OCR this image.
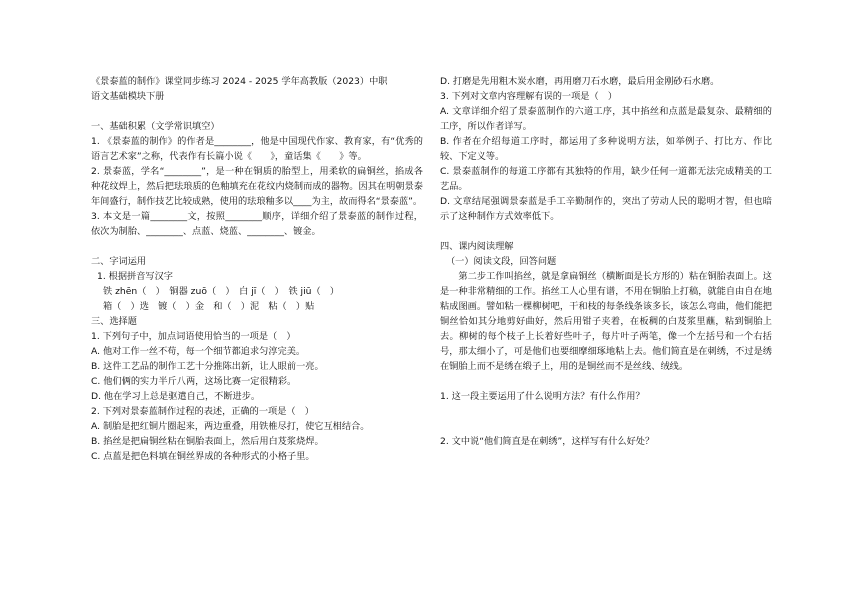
《景泰蓝的制作》课堂同步练习 2024 - 2025 学年高教版（2023）中职

语文基础模块下册

一、基础积累（文学常识填空）

1. 《景泰蓝的制作》的作者是________，他是中国现代作家、教育家，有“优秀的语言艺术家”之称，代表作有长篇小说《　　》，童话集《　　》等。

2. 景泰蓝，学名“________”，是一种在铜质的胎型上，用柔软的扁铜丝，掐成各种花纹焊上，然后把珐琅质的色釉填充在花纹内烧制而成的器物。因其在明朝景泰年间盛行，制作技艺比较成熟，使用的珐琅釉多以____为主，故而得名“景泰蓝”。

3. 本文是一篇________文，按照________顺序，详细介绍了景泰蓝的制作过程，依次为制胎、________、点蓝、烧蓝、________、镀金。

二、字词运用

1. 根据拼音写汉字

铁 zhēn（　）　铜器 zuō（　）　白 jī（　）　铁 jiū（　）

箱（　）选　镀（　）金　和（　）泥　粘（　）贴

三、选择题

1. 下列句子中，加点词语使用恰当的一项是（　）

A. 他对工作一丝不苟，每一个细节都追求匀淳完美。

B. 这件工艺品的制作工艺十分推陈出新，让人眼前一亮。

C. 他们俩的实力半斤八两，这场比赛一定很精彩。

D. 他在学习上总是驱遣自己，不断进步。

2. 下列对景泰蓝制作过程的表述，正确的一项是（　）

A. 制胎是把红铜片圈起来，两边重叠，用铁椎尽打，使它互相结合。

B. 掐丝是把扁铜丝粘在铜胎表面上，然后用白芨浆烧焊。

C. 点蓝是把色料填在铜丝界成的各种形式的小格子里。

D. 打磨是先用粗木炭水磨，再用磨刀石水磨，最后用金刚砂石水磨。

3. 下列对文章内容理解有误的一项是（　）

A. 文章详细介绍了景泰蓝制作的六道工序，其中掐丝和点蓝是最复杂、最精细的工序，所以作者详写。

B. 作者在介绍每道工序时，都运用了多种说明方法，如举例子、打比方、作比较、下定义等。

C. 景泰蓝制作的每道工序都有其独特的作用，缺少任何一道都无法完成精美的工艺品。

D. 文章结尾强调景泰蓝是手工辛勤制作的，突出了劳动人民的聪明才智，但也暗示了这种制作方式效率低下。

四、课内阅读理解

（一）阅读文段，回答问题

第二步工作叫掐丝，就是拿扁铜丝（横断面是长方形的）粘在铜胎表面上。这是一种非常精细的工作。掐丝工人心里有谱，不用在铜胎上打稿，就能自由自在地粘成图画。譬如粘一棵柳树吧，干和枝的每条线条该多长，该怎么弯曲，他们能把铜丝恰如其分地剪好曲好，然后用钳子夹着，在板稠的白芨浆里蘸，粘到铜胎上去。柳树的每个枝子上长着好些叶子，每片叶子两笔，像一个左括号和一个右括号，那太细小了，可是他们也要细摩细琢地粘上去。他们简直是在刺绣，不过是绣在铜胎上而不是绣在缎子上，用的是铜丝而不是丝线、绒线。

1. 这一段主要运用了什么说明方法？有什么作用？

2. 文中说“他们简直是在刺绣”，这样写有什么好处？
